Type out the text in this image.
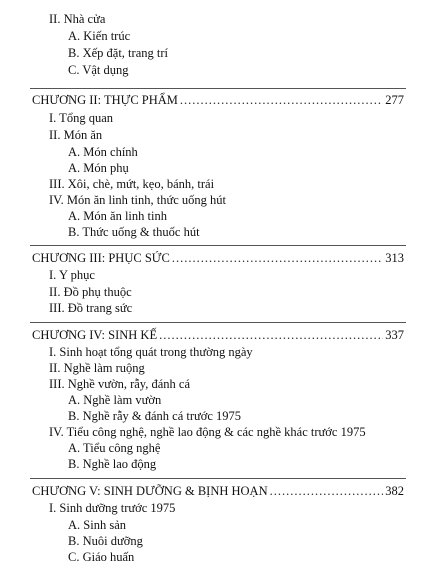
II. Nhà cửa
A. Kiến trúc
B. Xếp đặt, trang trí
C. Vật dụng
CHƯƠNG II: THỰC PHẨM .....	277
I. Tổng quan
II. Món ăn
A. Món chính
A. Món phụ
III. Xôi, chè, mứt, kẹo, bánh, trái
IV. Món ăn linh tinh, thức uống hút
A. Món ăn linh tinh
B. Thức uống & thuốc hút
CHƯƠNG III: PHỤC SỨC .....	313
I. Y phục
II. Đồ phụ thuộc
III. Đồ trang sức
CHƯƠNG IV: SINH KẾ .....	337
I. Sinh hoạt tổng quát trong thường ngày
II. Nghề làm ruộng
III. Nghề vườn, rẫy, đánh cá
A. Nghề làm vườn
B. Nghề rẫy & đánh cá trước 1975
IV. Tiểu công nghệ, nghề lao động & các nghề khác trước 1975
A. Tiểu công nghệ
B. Nghề lao động
CHƯƠNG V: SINH DƯỠNG & BỊNH HOẠN .....	382
I. Sinh dưỡng trước 1975
A. Sinh sản
B. Nuôi dưỡng
C. Giáo huấn
